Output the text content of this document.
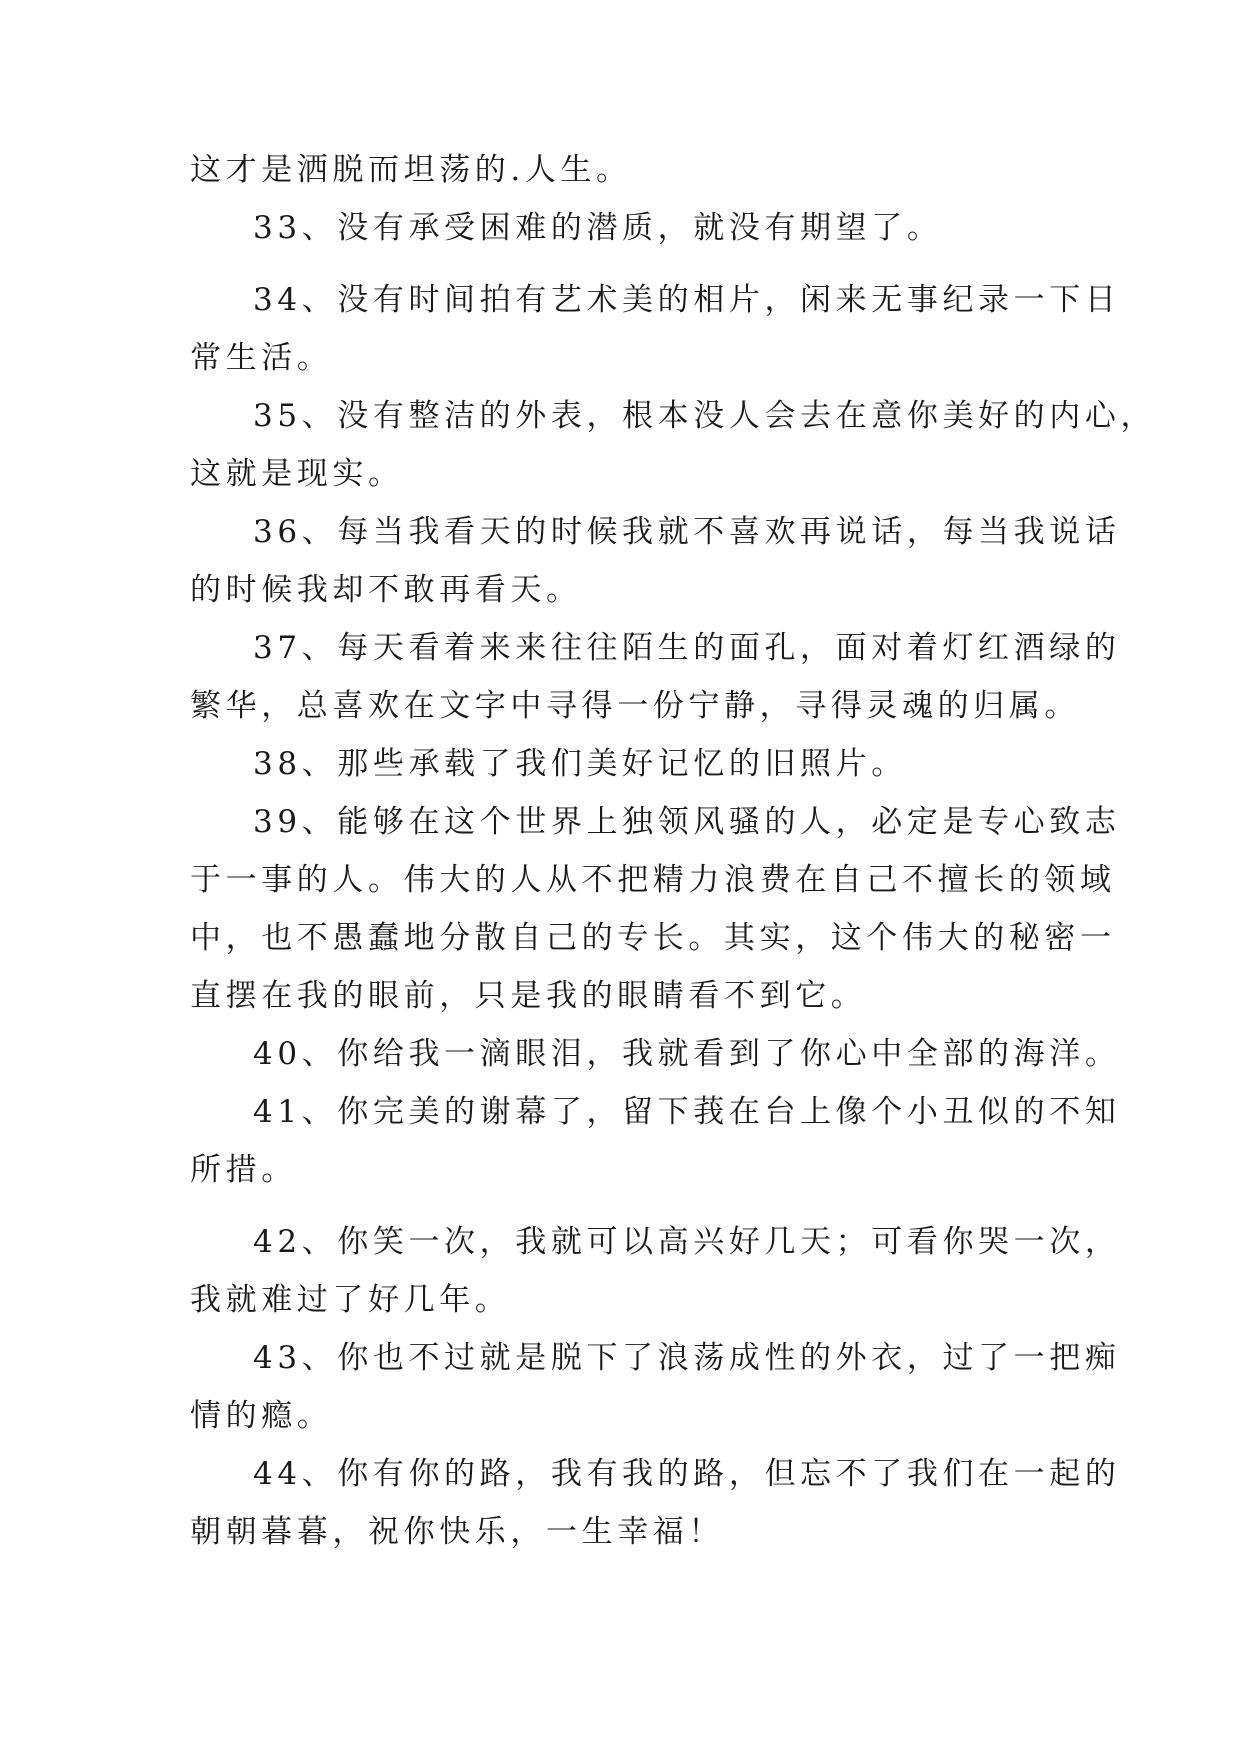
这才是洒脱而坦荡的.人生。
33、没有承受困难的潜质，就没有期望了。
34、没有时间拍有艺术美的相片，闲来无事纪录一下日
常生活。
35、没有整洁的外表，根本没人会去在意你美好的内心，
这就是现实。
36、每当我看天的时候我就不喜欢再说话，每当我说话
的时候我却不敢再看天。
37、每天看着来来往往陌生的面孔，面对着灯红酒绿的
繁华，总喜欢在文字中寻得一份宁静，寻得灵魂的归属。
38、那些承载了我们美好记忆的旧照片。
39、能够在这个世界上独领风骚的人，必定是专心致志
于一事的人。伟大的人从不把精力浪费在自己不擅长的领域
中，也不愚蠢地分散自己的专长。其实，这个伟大的秘密一
直摆在我的眼前，只是我的眼睛看不到它。
40、你给我一滴眼泪，我就看到了你心中全部的海洋。
41、你完美的谢幕了，留下莪在台上像个小丑似的不知
所措。
42、你笑一次，我就可以高兴好几天；可看你哭一次，
我就难过了好几年。
43、你也不过就是脱下了浪荡成性的外衣，过了一把痴
情的瘾。
44、你有你的路，我有我的路，但忘不了我们在一起的
朝朝暮暮，祝你快乐，一生幸福！
